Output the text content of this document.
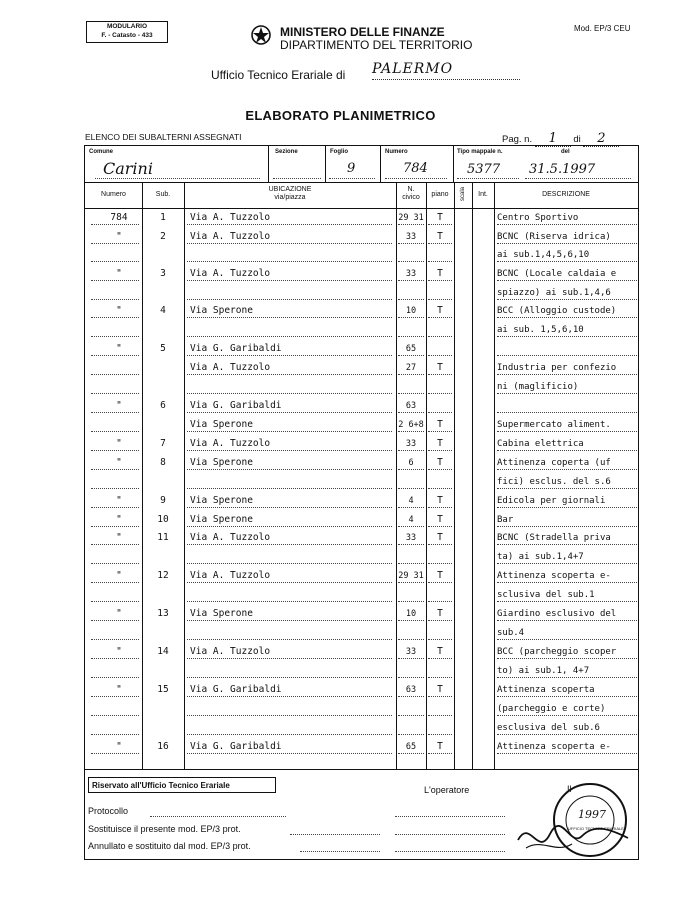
MODULARIO
F. - Catasto - 433	MINISTERO DELLE FINANZE
DIPARTIMENTO DEL TERRITORIO
Mod. EP/3 CEU
Ufficio Tecnico Erariale di PALERMO
ELABORATO PLANIMETRICO
ELENCO DEI SUBALTERNI ASSEGNATI	Pag. n. 1 di 2
Comune
Carini
Sezione	Foglio
9
Numero
784
Tipo mappale n.
5377
del
31.5.1997
Numero	Sub.
UBICAZIONE
via/piazza
N.
civico	piano	scala	Int.	DESCRIZIONE
784	1	Via A. Tuzzolo	29 31	T	Centro Sportivo
"	2	Via A. Tuzzolo	33	T	BCNC (Riserva idrica)
ai sub.1,4,5,6,10
"	3	Via A. Tuzzolo	33	T	BCNC (Locale caldaia e
spiazzo) ai sub.1,4,6
"	4	Via Sperone	10	T	BCC (Alloggio custode)
ai sub. 1,5,6,10
"	5	Via G. Garibaldi	65
Via A. Tuzzolo	27	T	Industria per confezio
ni (maglificio)
"	6	Via G. Garibaldi	63
Via Sperone	2 6+8	T	Supermercato aliment.
"	7	Via A. Tuzzolo	33	T	Cabina elettrica
"	8	Via Sperone	6	T	Attinenza coperta (uf
fici) esclus. del s.6
"	9	Via Sperone	4	T	Edicola per giornali
"	10	Via Sperone	4	T	Bar
"	11	Via A. Tuzzolo	33	T	BCNC (Stradella priva
ta) ai sub.1,4+7
"	12	Via A. Tuzzolo	29 31	T	Attinenza scoperta e-
sclusiva del sub.1
"	13	Via Sperone	10	T	Giardino esclusivo del
sub.4
"	14	Via A. Tuzzolo	33	T	BCC (parcheggio scoper
to) ai sub.1, 4+7
"	15	Via G. Garibaldi	63	T	Attinenza scoperta
(parcheggio e corte)
esclusiva del sub.6
"	16	Via G. Garibaldi	65	T	Attinenza scoperta e-
Riservato all'Ufficio Tecnico Erariale	L'operatore	Il
Protocollo
Sostituisce il presente mod. EP/3 prot.
Annullato e sostituito dal mod. EP/3 prot.
1997
UFFICIO TECNICO ERARIALE
